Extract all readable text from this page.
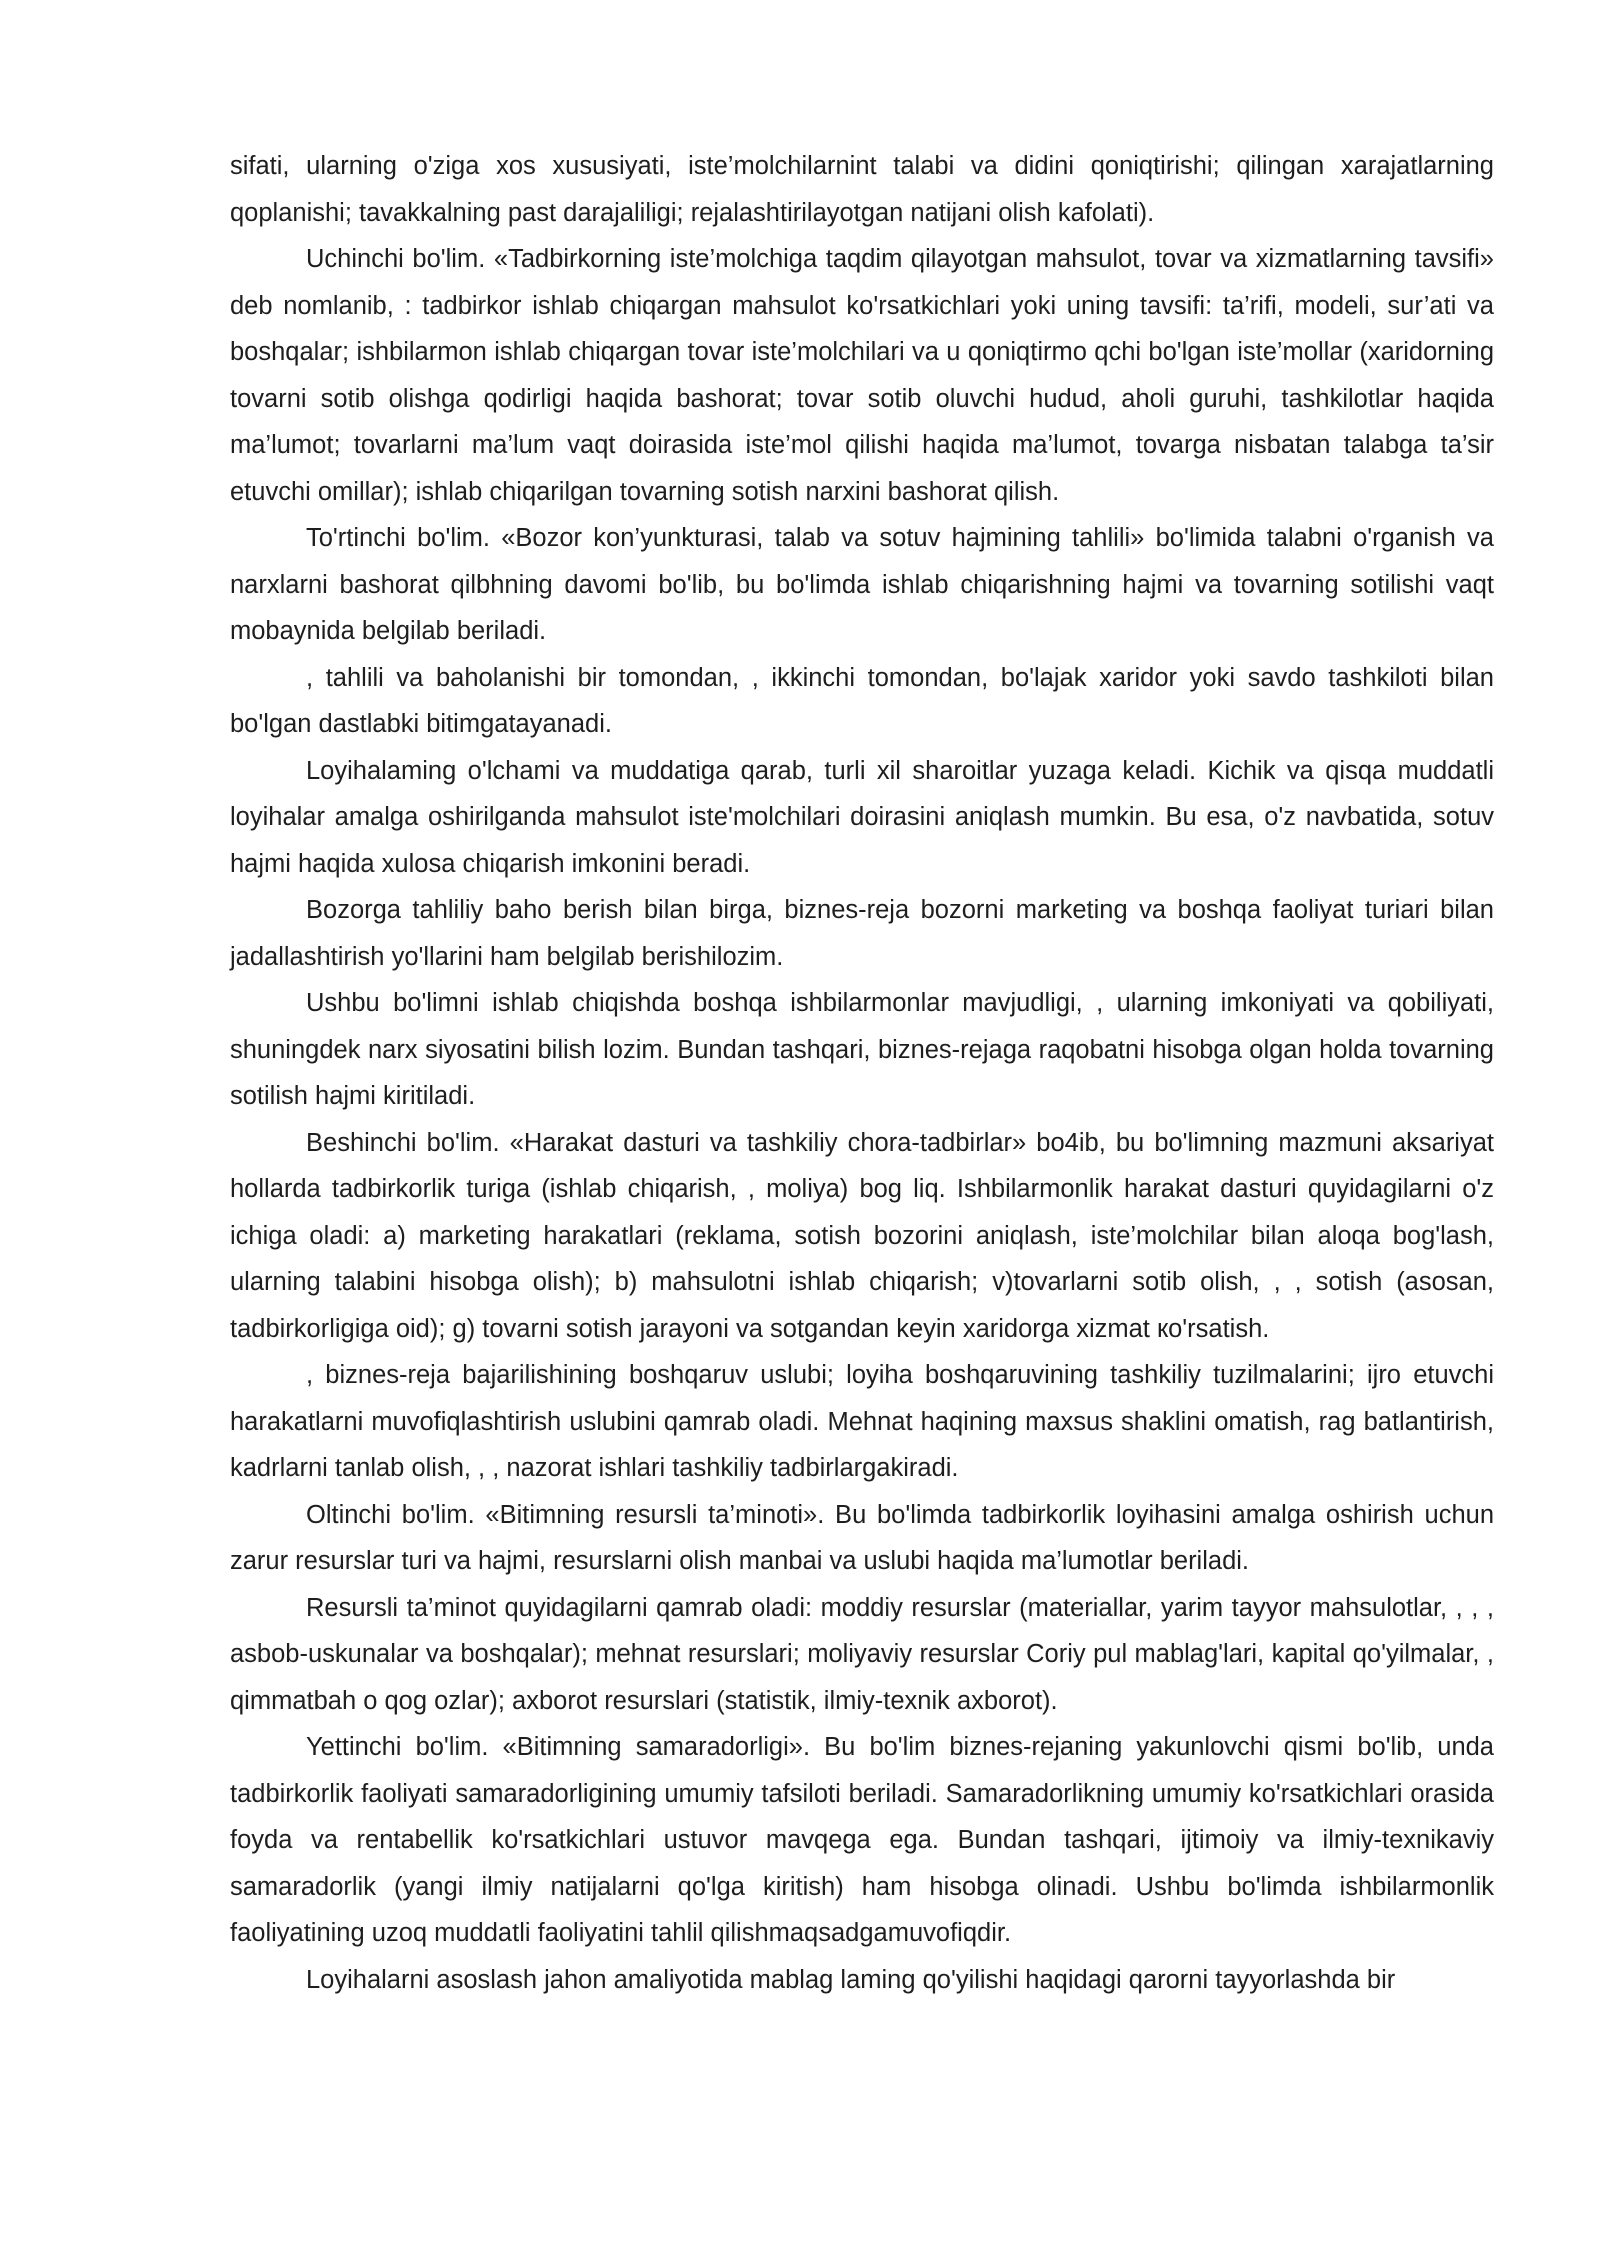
sifati, ularning o'ziga xos xususiyati, iste’molchilarnint talabi va didini qoniqtirishi; qilingan xarajatlarning qoplanishi; tavakkalning past darajaliligi; rejalashtirilayotgan natijani olish kafolati).

Uchinchi bo'lim. «Tadbirkorning iste’molchiga taqdim qilayotgan mahsulot, tovar va xizmatlarning tavsifi» deb nomlanib, : tadbirkor ishlab chiqargan mahsulot ko'rsatkichlari yoki uning tavsifi: ta’rifi, modeli, sur’ati va boshqalar; ishbilarmon ishlab chiqargan tovar iste’molchilari va u qoniqtirmo qchi bo'lgan iste’mollar (xaridorning tovarni sotib olishga qodirligi haqida bashorat; tovar sotib oluvchi hudud, aholi guruhi, tashkilotlar haqida ma’lumot; tovarlarni ma’lum vaqt doirasida iste’mol qilishi haqida ma’lumot, tovarga nisbatan talabga ta’sir etuvchi omillar); ishlab chiqarilgan tovarning sotish narxini bashorat qilish.

To'rtinchi bo'lim. «Bozor kon’yunkturasi, talab va sotuv hajmining tahlili» bo'limida talabni o'rganish va narxlarni bashorat qilbhning davomi bo'lib, bu bo'limda ishlab chiqarishning hajmi va tovarning sotilishi vaqt mobaynida belgilab beriladi.

, tahlili va baholanishi bir tomondan, , ikkinchi tomondan, bo'lajak xaridor yoki savdo tashkiloti bilan bo'lgan dastlabki bitimgatayanadi.

Loyihalaming o'lchami va muddatiga qarab, turli xil sharoitlar yuzaga keladi. Kichik va qisqa muddatli loyihalar amalga oshirilganda mahsulot iste'molchilari doirasini aniqlash mumkin. Bu esa, o'z navbatida, sotuv hajmi haqida xulosa chiqarish imkonini beradi.

Bozorga tahliliy baho berish bilan birga, biznes-reja bozorni marketing va boshqa faoliyat turiari bilan jadallashtirish yo'llarini ham belgilab berishilozim.

Ushbu bo'limni ishlab chiqishda boshqa ishbilarmonlar mavjudligi, , ularning imkoniyati va qobiliyati, shuningdek narx siyosatini bilish lozim. Bundan tashqari, biznes-rejaga raqobatni hisobga olgan holda tovarning sotilish hajmi kiritiladi.

Beshinchi bo'lim. «Harakat dasturi va tashkiliy chora-tadbirlar» bo4ib, bu bo'limning mazmuni aksariyat hollarda tadbirkorlik turiga (ishlab chiqarish, , moliya) bog liq. Ishbilarmonlik harakat dasturi quyidagilarni o'z ichiga oladi: a) marketing harakatlari (reklama, sotish bozorini aniqlash, iste’molchilar bilan aloqa bog'lash, ularning talabini hisobga olish); b) mahsulotni ishlab chiqarish; v)tovarlarni sotib olish, , , sotish (asosan, tadbirkorligiga oid); g) tovarni sotish jarayoni va sotgandan keyin xaridorga xizmat кo'rsatish.

, biznes-reja bajarilishining boshqaruv uslubi; loyiha boshqaruvining tashkiliy tuzilmalarini; ijro etuvchi harakatlarni muvofiqlashtirish uslubini qamrab oladi. Mehnat haqining maxsus shaklini omatish, rag batlantirish, kadrlarni tanlab olish, , , nazorat ishlari tashkiliy tadbirlargakiradi.

Oltinchi bo'lim. «Bitimning resursli ta’minoti». Bu bo'limda tadbirkorlik loyihasini amalga oshirish uchun zarur resurslar turi va hajmi, resurslarni olish manbai va uslubi haqida ma’lumotlar beriladi.

Resursli ta’minot quyidagilarni qamrab oladi: moddiy resurslar (materiallar, yarim tayyor mahsulotlar, , , , asbob-uskunalar va boshqalar); mehnat resurslari; moliyaviy resurslar Coriy pul mablag'lari, kapital qo'yilmalar, , qimmatbah o qog ozlar); axborot resurslari (statistik, ilmiy-texnik axborot).

Yettinchi bo'lim. «Bitimning samaradorligi». Bu bo'lim biznes-rejaning yakunlovchi qismi bo'lib, unda tadbirkorlik faoliyati samaradorligining umumiy tafsiloti beriladi. Samaradorlikning umumiy ko'rsatkichlari orasida foyda va rentabellik ko'rsatkichlari ustuvor mavqega ega. Bundan tashqari, ijtimoiy va ilmiy-texnikaviy samaradorlik (yangi ilmiy natijalarni qo'lga kiritish) ham hisobga olinadi. Ushbu bo'limda ishbilarmonlik faoliyatining uzoq muddatli faoliyatini tahlil qilishmaqsadgamuvofiqdir.

Loyihalarni asoslash jahon amaliyotida mablag laming qo'yilishi haqidagi qarorni tayyorlashda bir
